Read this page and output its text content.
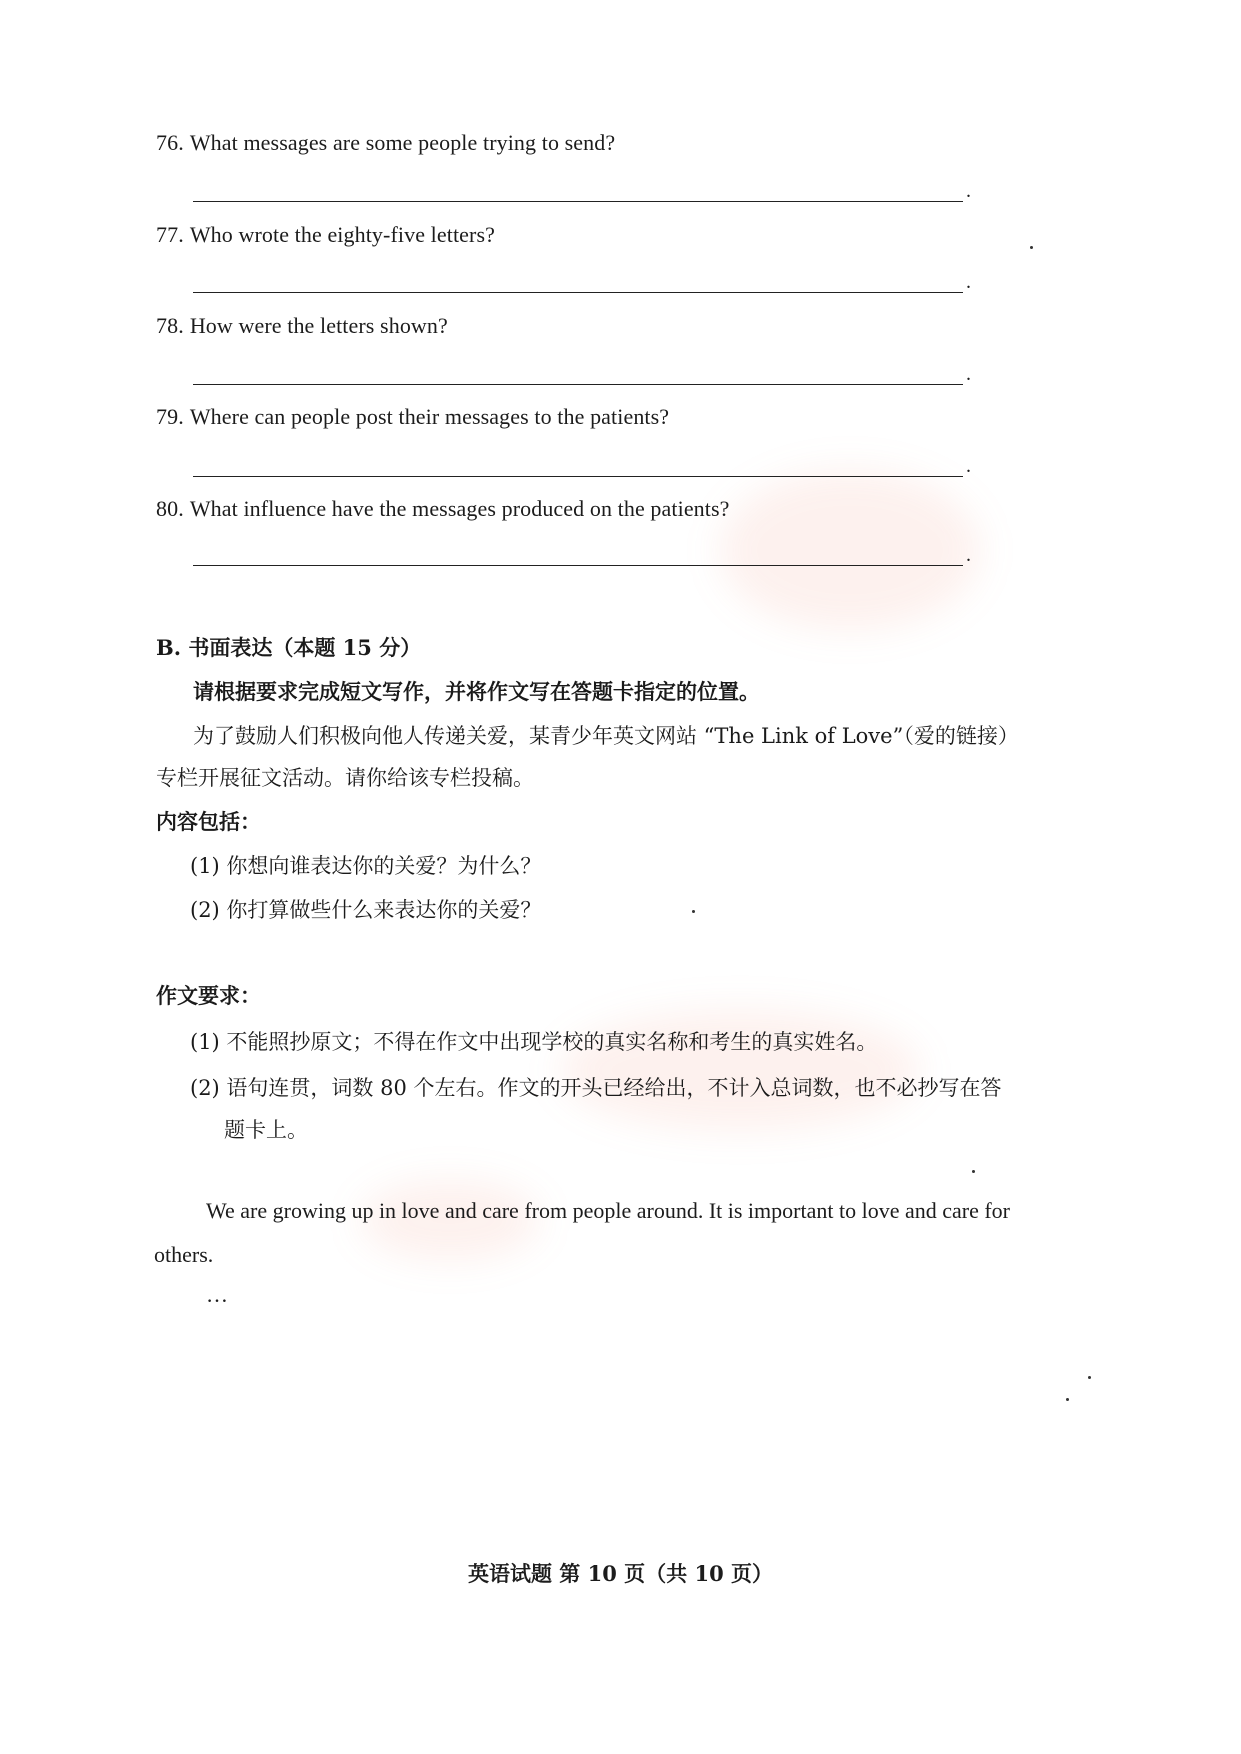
76. What messages are some people trying to send?
.
77. Who wrote the eighty-five letters?
.
78. How were the letters shown?
.
79. Where can people post their messages to the patients?
.
80. What influence have the messages produced on the patients?
.
B. 书面表达（本题 15 分）
请根据要求完成短文写作，并将作文写在答题卡指定的位置。
为了鼓励人们积极向他人传递关爱，某青少年英文网站 “The Link of Love”（爱的链接）
专栏开展征文活动。请你给该专栏投稿。
内容包括：
(1) 你想向谁表达你的关爱？为什么？
(2) 你打算做些什么来表达你的关爱？
作文要求：
(1) 不能照抄原文；不得在作文中出现学校的真实名称和考生的真实姓名。
(2) 语句连贯，词数 80 个左右。作文的开头已经给出，不计入总词数，也不必抄写在答
题卡上。
We are growing up in love and care from people around. It is important to love and care for
others.
…
英语试题 第 10 页（共 10 页）
